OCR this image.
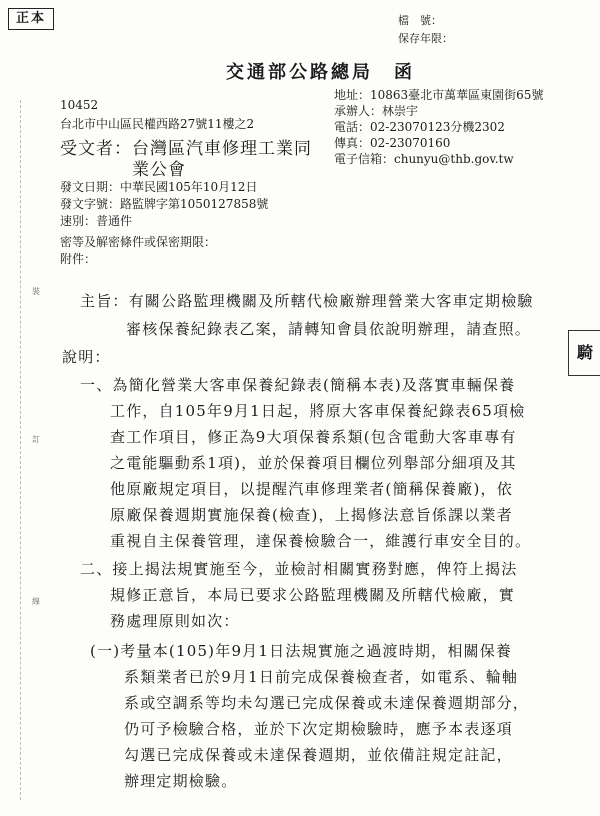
正本	檔　號：
保存年限：
交通部公路總局　函
地址：10863臺北市萬華區東園街65號
承辦人：林崇宇
電話：02-23070123分機2302
傳真：02-23070160
電子信箱：chunyu@thb.gov.tw
10452
台北市中山區民權西路27號11樓之2
受文者： 台灣區汽車修理工業同
業公會
發文日期：中華民國105年10月12日
發文字號：路監牌字第1050127858號
速別：普通件
密等及解密條件或保密期限：
附件：
裝
訂
線
騎
主旨：有關公路監理機關及所轄代檢廠辦理營業大客車定期檢驗
審核保養紀錄表乙案，請轉知會員依說明辦理，請查照。
說明：
一、為簡化營業大客車保養紀錄表(簡稱本表)及落實車輛保養
工作，自105年9月1日起，將原大客車保養紀錄表65項檢
查工作項目，修正為9大項保養系類(包含電動大客車專有
之電能驅動系1項)，並於保養項目欄位列舉部分細項及其
他原廠規定項目，以提醒汽車修理業者(簡稱保養廠)，依
原廠保養週期實施保養(檢查)，上揭修法意旨係課以業者
重視自主保養管理，達保養檢驗合一，維護行車安全目的。
二、接上揭法規實施至今，並檢討相關實務對應，俾符上揭法
規修正意旨，本局已要求公路監理機關及所轄代檢廠，實
務處理原則如次：
(一)考量本(105)年9月1日法規實施之過渡時期，相關保養
系類業者已於9月1日前完成保養檢查者，如電系、輪軸
系或空調系等均未勾選已完成保養或未達保養週期部分，
仍可予檢驗合格，並於下次定期檢驗時，應予本表逐項
勾選已完成保養或未達保養週期，並依備註規定註記，
辦理定期檢驗。
